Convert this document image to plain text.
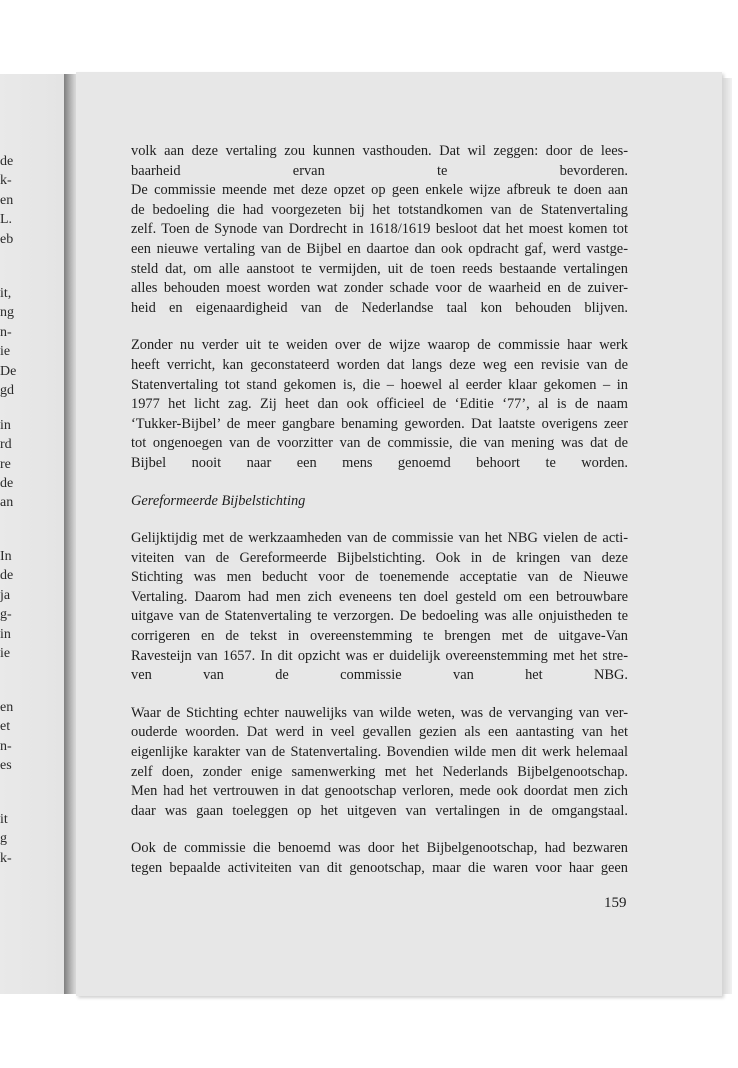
de
k-
en
L.
eb
it,
ng
n-
ie
De
gd
in
rd
re
de
an
In
de
ja
g-
in
ie
en
et
n-
es
it
g
k-

volk aan deze vertaling zou kunnen vasthouden. Dat wil zeggen: door de lees-
baarheid ervan te bevorderen.
De commissie meende met deze opzet op geen enkele wijze afbreuk te doen aan
de bedoeling die had voorgezeten bij het totstandkomen van de Statenvertaling
zelf. Toen de Synode van Dordrecht in 1618/1619 besloot dat het moest komen tot
een nieuwe vertaling van de Bijbel en daartoe dan ook opdracht gaf, werd vastge-
steld dat, om alle aanstoot te vermijden, uit de toen reeds bestaande vertalingen
alles behouden moest worden wat zonder schade voor de waarheid en de zuiver-
heid en eigenaardigheid van de Nederlandse taal kon behouden blijven.

Zonder nu verder uit te weiden over de wijze waarop de commissie haar werk
heeft verricht, kan geconstateerd worden dat langs deze weg een revisie van de
Statenvertaling tot stand gekomen is, die – hoewel al eerder klaar gekomen – in
1977 het licht zag. Zij heet dan ook officieel de ‘Editie ‘77’, al is de naam
‘Tukker-Bijbel’ de meer gangbare benaming geworden. Dat laatste overigens zeer
tot ongenoegen van de voorzitter van de commissie, die van mening was dat de
Bijbel nooit naar een mens genoemd behoort te worden.

Gereformeerde Bijbelstichting

Gelijktijdig met de werkzaamheden van de commissie van het NBG vielen de acti-
viteiten van de Gereformeerde Bijbelstichting. Ook in de kringen van deze
Stichting was men beducht voor de toenemende acceptatie van de Nieuwe
Vertaling. Daarom had men zich eveneens ten doel gesteld om een betrouwbare
uitgave van de Statenvertaling te verzorgen. De bedoeling was alle onjuistheden te
corrigeren en de tekst in overeenstemming te brengen met de uitgave-Van
Ravesteijn van 1657. In dit opzicht was er duidelijk overeenstemming met het stre-
ven van de commissie van het NBG.

Waar de Stichting echter nauwelijks van wilde weten, was de vervanging van ver-
ouderde woorden. Dat werd in veel gevallen gezien als een aantasting van het
eigenlijke karakter van de Statenvertaling. Bovendien wilde men dit werk helemaal
zelf doen, zonder enige samenwerking met het Nederlands Bijbelgenootschap.
Men had het vertrouwen in dat genootschap verloren, mede ook doordat men zich
daar was gaan toeleggen op het uitgeven van vertalingen in de omgangstaal.

Ook de commissie die benoemd was door het Bijbelgenootschap, had bezwaren
tegen bepaalde activiteiten van dit genootschap, maar die waren voor haar geen

159
